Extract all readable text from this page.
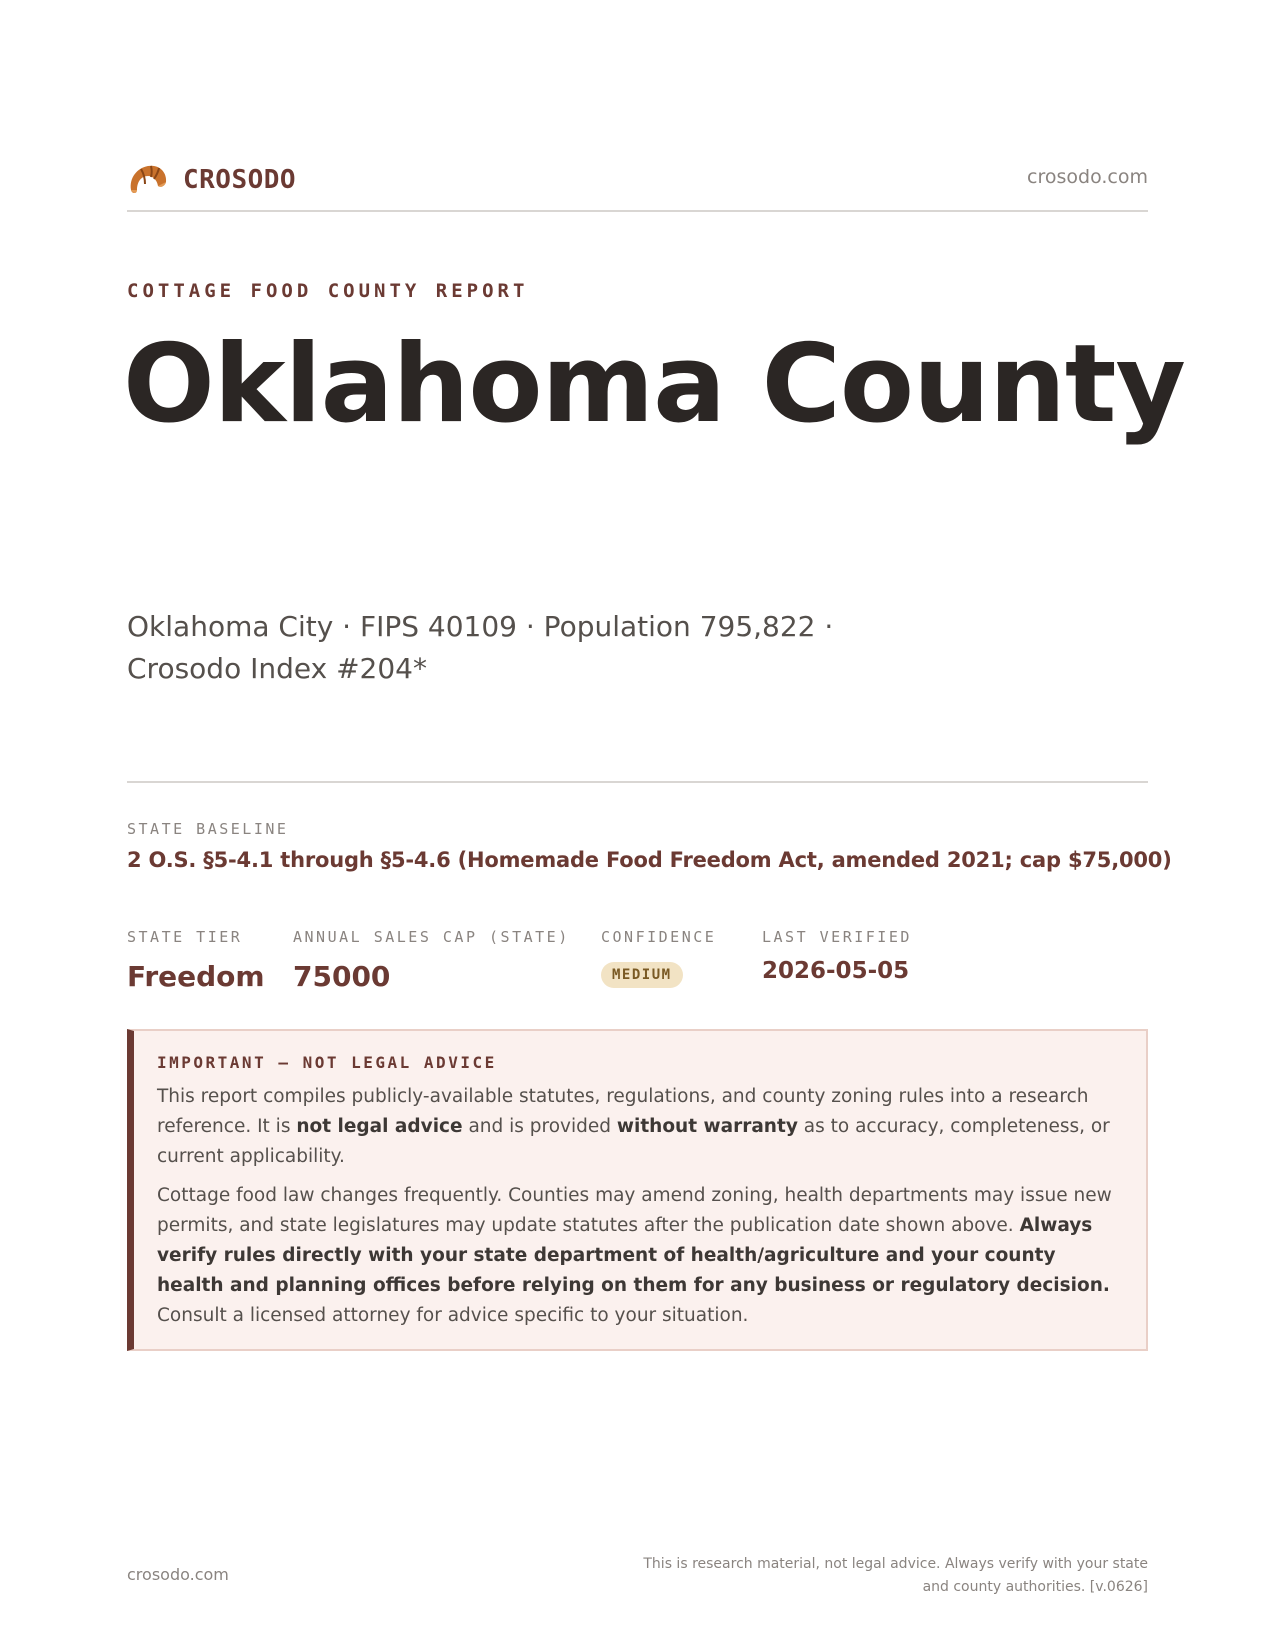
CROSODO	crosodo.com
COTTAGE FOOD COUNTY REPORT
Oklahoma County
Oklahoma City · FIPS 40109 · Population 795,822 · Crosodo Index #204*
STATE BASELINE
2 O.S. §5-4.1 through §5-4.6 (Homemade Food Freedom Act, amended 2021; cap $75,000)
STATE TIER
Freedom
ANNUAL SALES CAP (STATE)
75000
CONFIDENCE
MEDIUM
LAST VERIFIED
2026-05-05
IMPORTANT — NOT LEGAL ADVICE

This report compiles publicly-available statutes, regulations, and county zoning rules into a research reference. It is not legal advice and is provided without warranty as to accuracy, completeness, or current applicability.

Cottage food law changes frequently. Counties may amend zoning, health departments may issue new permits, and state legislatures may update statutes after the publication date shown above. Always verify rules directly with your state department of health/agriculture and your county health and planning offices before relying on them for any business or regulatory decision. Consult a licensed attorney for advice specific to your situation.

crosodo.com
This is research material, not legal advice. Always verify with your state
and county authorities. [v.0626]
